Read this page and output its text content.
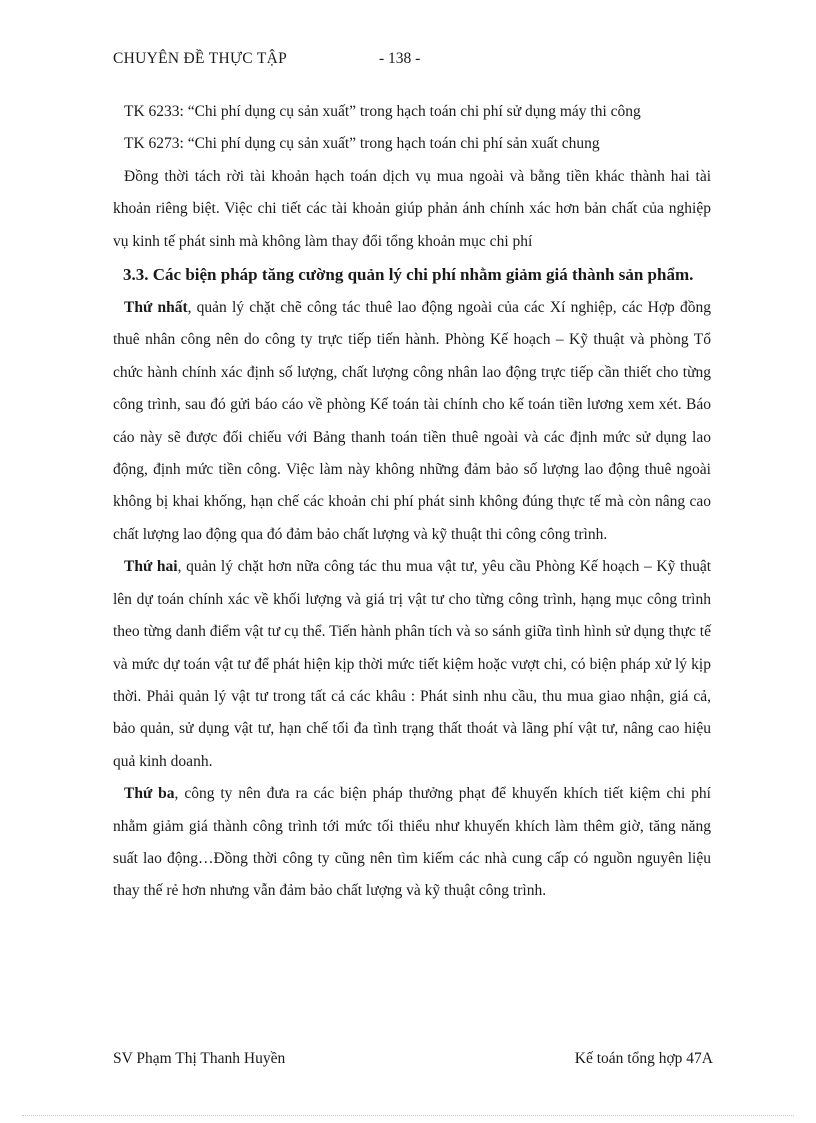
CHUYÊN ĐỀ THỰC TẬP	- 138 -

TK 6233: “Chi phí dụng cụ sản xuất” trong hạch toán chi phí sử dụng máy thi công

TK 6273: “Chi phí dụng cụ sản xuất” trong hạch toán chi phí sản xuất chung

Đồng thời tách rời tài khoản hạch toán dịch vụ mua ngoài và bằng tiền khác thành hai tài khoản riêng biệt. Việc chi tiết các tài khoản giúp phản ánh chính xác hơn bản chất của nghiệp vụ kinh tế phát sinh mà không làm thay đổi tổng khoản mục chi phí

3.3. Các biện pháp tăng cường quản lý chi phí nhằm giảm giá thành sản phẩm.

Thứ nhất, quản lý chặt chẽ công tác thuê lao động ngoài của các Xí nghiệp, các Hợp đồng thuê nhân công nên do công ty trực tiếp tiến hành. Phòng Kế hoạch – Kỹ thuật và phòng Tổ chức hành chính xác định số lượng, chất lượng công nhân lao động trực tiếp cần thiết cho từng công trình, sau đó gửi báo cáo về phòng Kế toán tài chính cho kế toán tiền lương xem xét. Báo cáo này sẽ được đối chiếu với Bảng thanh toán tiền thuê ngoài và các định mức sử dụng lao động, định mức tiền công. Việc làm này không những đảm bảo số lượng lao động thuê ngoài không bị khai khống, hạn chế các khoản chi phí phát sinh không đúng thực tế mà còn nâng cao chất lượng lao động qua đó đảm bảo chất lượng và kỹ thuật thi công công trình.

Thứ hai, quản lý chặt hơn nữa công tác thu mua vật tư, yêu cầu Phòng Kế hoạch – Kỹ thuật lên dự toán chính xác về khối lượng và giá trị vật tư cho từng công trình, hạng mục công trình theo từng danh điểm vật tư cụ thể. Tiến hành phân tích và so sánh giữa tình hình sử dụng thực tế và mức dự toán vật tư để phát hiện kịp thời mức tiết kiệm hoặc vượt chi, có biện pháp xử lý kịp thời. Phải quản lý vật tư trong tất cả các khâu : Phát sinh nhu cầu, thu mua giao nhận, giá cả, bảo quản, sử dụng vật tư, hạn chế tối đa tình trạng thất thoát và lãng phí vật tư, nâng cao hiệu quả kinh doanh.

Thứ ba, công ty nên đưa ra các biện pháp thưởng phạt để khuyến khích tiết kiệm chi phí nhằm giảm giá thành công trình tới mức tối thiểu như khuyến khích làm thêm giờ, tăng năng suất lao động…Đồng thời công ty cũng nên tìm kiếm các nhà cung cấp có nguồn nguyên liệu thay thế rẻ hơn nhưng vẫn đảm bảo chất lượng và kỹ thuật công trình.

SV Phạm Thị Thanh Huyền	Kế toán tổng hợp 47A
